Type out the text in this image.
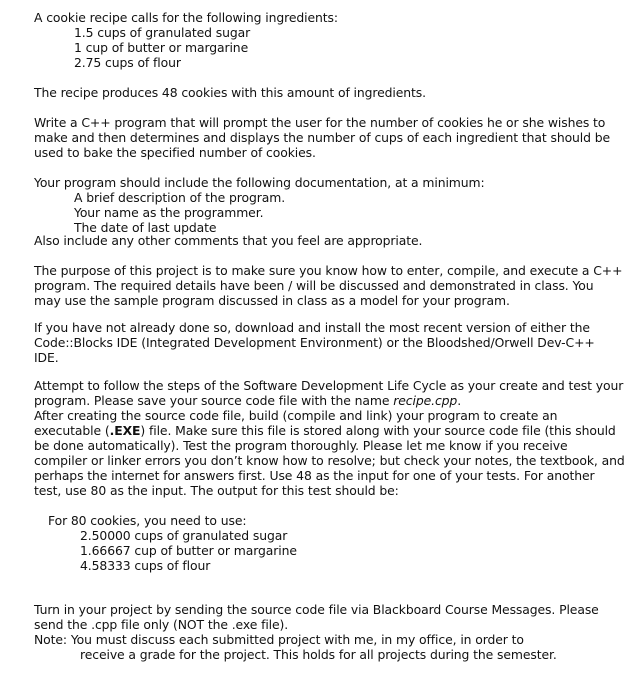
A cookie recipe calls for the following ingredients:
1.5 cups of granulated sugar
1 cup of butter or margarine
2.75 cups of flour
The recipe produces 48 cookies with this amount of ingredients.
Write a C++ program that will prompt the user for the number of cookies he or she wishes to
make and then determines and displays the number of cups of each ingredient that should be
used to bake the specified number of cookies.
Your program should include the following documentation, at a minimum:
A brief description of the program.
Your name as the programmer.
The date of last update
Also include any other comments that you feel are appropriate.
The purpose of this project is to make sure you know how to enter, compile, and execute a C++
program. The required details have been / will be discussed and demonstrated in class. You
may use the sample program discussed in class as a model for your program.
If you have not already done so, download and install the most recent version of either the
Code::Blocks IDE (Integrated Development Environment) or the Bloodshed/Orwell Dev-C++
IDE.
Attempt to follow the steps of the Software Development Life Cycle as your create and test your
program. Please save your source code file with the name recipe.cpp.
After creating the source code file, build (compile and link) your program to create an
executable (.EXE) file. Make sure this file is stored along with your source code file (this should
be done automatically). Test the program thoroughly. Please let me know if you receive
compiler or linker errors you don’t know how to resolve; but check your notes, the textbook, and
perhaps the internet for answers first. Use 48 as the input for one of your tests. For another
test, use 80 as the input. The output for this test should be:
For 80 cookies, you need to use:
2.50000 cups of granulated sugar
1.66667 cup of butter or margarine
4.58333 cups of flour
Turn in your project by sending the source code file via Blackboard Course Messages. Please
send the .cpp file only (NOT the .exe file).
Note: You must discuss each submitted project with me, in my office, in order to
receive a grade for the project. This holds for all projects during the semester.
